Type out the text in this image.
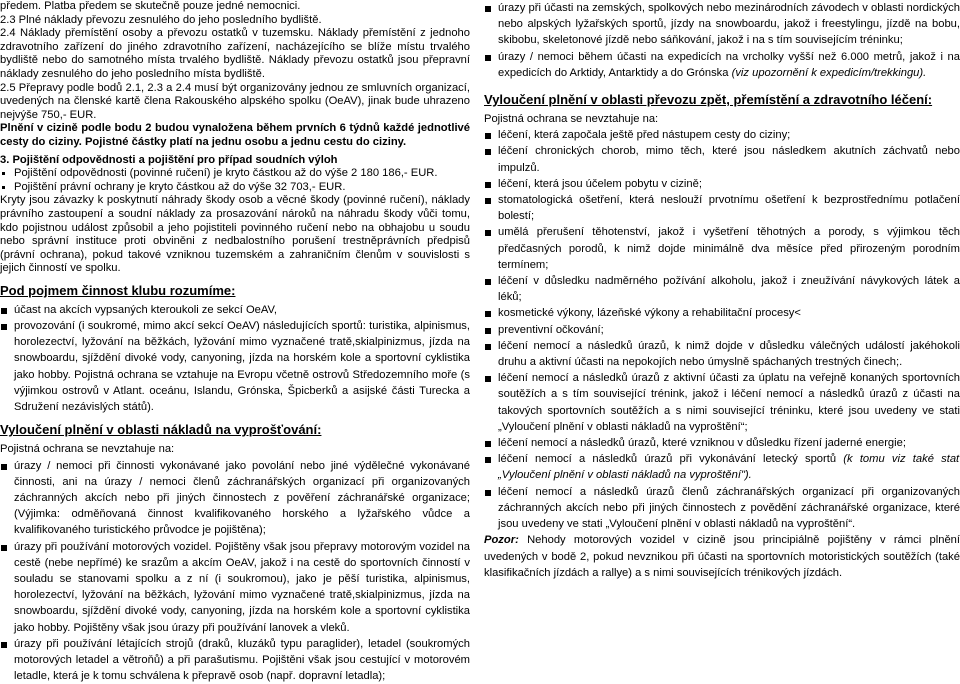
předem. Platba předem se skutečně pouze jedné nemocnici.

2.3 Plné náklady převozu zesnulého do jeho posledního bydliště.

2.4 Náklady přemístění osoby a převozu ostatků v tuzemsku. Náklady přemístění z jednoho zdravotního zařízení do jiného zdravotního zařízení, nacházejícího se blíže místu trvalého bydliště nebo do samotného místa trvalého bydliště. Náklady převozu ostatků jsou přepravní náklady zesnulého do jeho posledního místa bydliště.

2.5 Přepravy podle bodů 2.1, 2.3 a 2.4 musí být organizovány jednou ze smluvních organizací, uvedených na členské kartě člena Rakouského alpského spolku (OeAV), jinak bude uhrazeno nejvýše 750,- EUR.

Plnění v cizině podle bodu 2 budou vynaložena během prvních 6 týdnů každé jednotlivé cesty do ciziny. Pojistné částky platí na jednu osobu a jednu cestu do ciziny.

3. Pojištění odpovědnosti a pojištění pro případ soudních výloh

Pojištění odpovědnosti (povinné ručení) je kryto částkou až do výše 2 180 186,- EUR.

Pojištění právní ochrany je kryto částkou až do výše 32 703,- EUR.

Kryty jsou závazky k poskytnutí náhrady škody osob a věcné škody (povinné ručení), náklady právního zastoupení a soudní náklady za prosazování nároků na náhradu škody vůči tomu, kdo pojistnou událost způsobil a jeho pojistiteli povinného ručení nebo na obhajobu u soudu nebo správní instituce proti obviněni z nedbalostního porušení trestněprávních předpisů (právní ochrana), pokud takové vzniknou tuzemském a zahraničním členům v souvislosti s jejich činností ve spolku.

Pod pojmem činnost klubu rozumíme:

účast na akcích vypsaných kteroukoli ze sekcí OeAV,

provozování (i soukromé, mimo akcí sekcí OeAV) následujících sportů: turistika, alpinismus, horolezectví, lyžování na běžkách, lyžování mimo vyznačené tratě,skialpinizmus, jízda na snowboardu, sjíždění divoké vody, canyoning, jízda na horském kole a sportovní cyklistika jako hobby. Pojistná ochrana se vztahuje na Evropu včetně ostrovů Středozemního moře (s výjimkou ostrovů v Atlant. oceánu, Islandu, Grónska, Špicberků a asijské části Turecka a Sdružení nezávislých států).

Vyloučení plnění v oblasti nákladů na vyprošťování:

Pojistná ochrana se nevztahuje na:

úrazy / nemoci při činnosti vykonávané jako povolání nebo jiné výdělečné vykonávané činnosti, ani na úrazy / nemoci členů záchranářských organizací při organizovaných záchranných akcích nebo při jiných činnostech z pověření záchranářské organizace; (Výjimka: odměňovaná činnost kvalifikovaného horského a lyžařského vůdce a kvalifikovaného turistického průvodce je pojištěna);

úrazy při používání motorových vozidel. Pojištěny však jsou přepravy motorovým vozidel na cestě (nebe nepřímé) ke srazům a akcím OeAV, jakož i na cestě do sportovních činností v souladu se stanovami spolku a z ní (i soukromou), jako je pěší turistika, alpinismus, horolezectví, lyžování na běžkách, lyžování mimo vyznačené tratě,skialpinizmus, jízda na snowboardu, sjíždění divoké vody, canyoning, jízda na horském kole a sportovní cyklistika jako hobby. Pojištěny však jsou úrazy při používání lanovek a vleků.

úrazy při používání létajících strojů (draků, kluzáků typu paraglider), letadel (soukromých motorových letadel a větroňů) a při parašutismu. Pojištěni však jsou cestující v motorovém letadle, která je k tomu schválena k přepravě osob (např. dopravní letadla);

úrazy při účasti na zemských, spolkových nebo mezinárodních závodech v oblasti nordických nebo alpských lyžařských sportů, jízdy na snowboardu, jakož i freestylingu, jízdě na bobu, skibobu, skeletonové jízdě nebo sáňkování, jakož i na s tím souvisejícím tréninku;

úrazy / nemoci během účasti na expedicích na vrcholky vyšší než 6.000 metrů, jakož i na expedicích do Arktidy, Antarktidy a do Grónska (viz upozornění k expedicím/trekkingu).

Vyloučení plnění v oblasti převozu zpět, přemístění a zdravotního léčení:

Pojistná ochrana se nevztahuje na:

léčení, která započala ještě před nástupem cesty do ciziny;

léčení chronických chorob, mimo těch, které jsou následkem akutních záchvatů nebo impulzů.

léčení, která jsou účelem pobytu v cizině;

stomatologická ošetření, která neslouží prvotnímu ošetření k bezprostřednímu potlačení bolestí;

umělá přerušení těhotenství, jakož i vyšetření těhotných a porody, s výjimkou těch předčasných porodů, k nimž dojde minimálně dva měsíce před přirozeným porodním termínem;

léčení v důsledku nadměrného požívání alkoholu, jakož i zneužívání návykových látek a léků;

kosmetické výkony, lázeňské výkony a rehabilitační procesy<

preventivní očkování;

léčení nemocí a následků úrazů, k nimž dojde v důsledku válečných událostí jakéhokoli druhu a aktivní účasti na nepokojích nebo úmyslně spáchaných trestných činech;.

léčení nemocí a následků úrazů z aktivní účasti za úplatu na veřejně konaných sportovních soutěžích a s tím související trénink, jakož i léčení nemocí a následků úrazů z účasti na takových sportovních soutěžích a s nimi související tréninku, které jsou uvedeny ve stati „Vyloučení plnění v oblasti nákladů na vyproštění“;

léčení nemocí a následků úrazů, které vzniknou v důsledku řízení jaderné energie;

léčení nemocí a následků úrazů při vykonávání letecký sportů (k tomu viz také stať „Vyloučení plnění v oblasti nákladů na vyproštění").

léčení nemocí a následků úrazů členů záchranářských organizací při organizovaných záchranných akcích nebo při jiných činnostech z povědění záchranářské organizace, které jsou uvedeny ve stati „Vyloučení plnění v oblasti nákladů na vyproštění“.

Pozor: Nehody motorových vozidel v cizině jsou principiálně pojištěny v rámci plnění uvedených v bodě 2, pokud nevznikou při účasti na sportovních motoristických soutěžích (také klasifikačních jízdách a rallye) a s nimi souvisejících trénikových jízdách.
